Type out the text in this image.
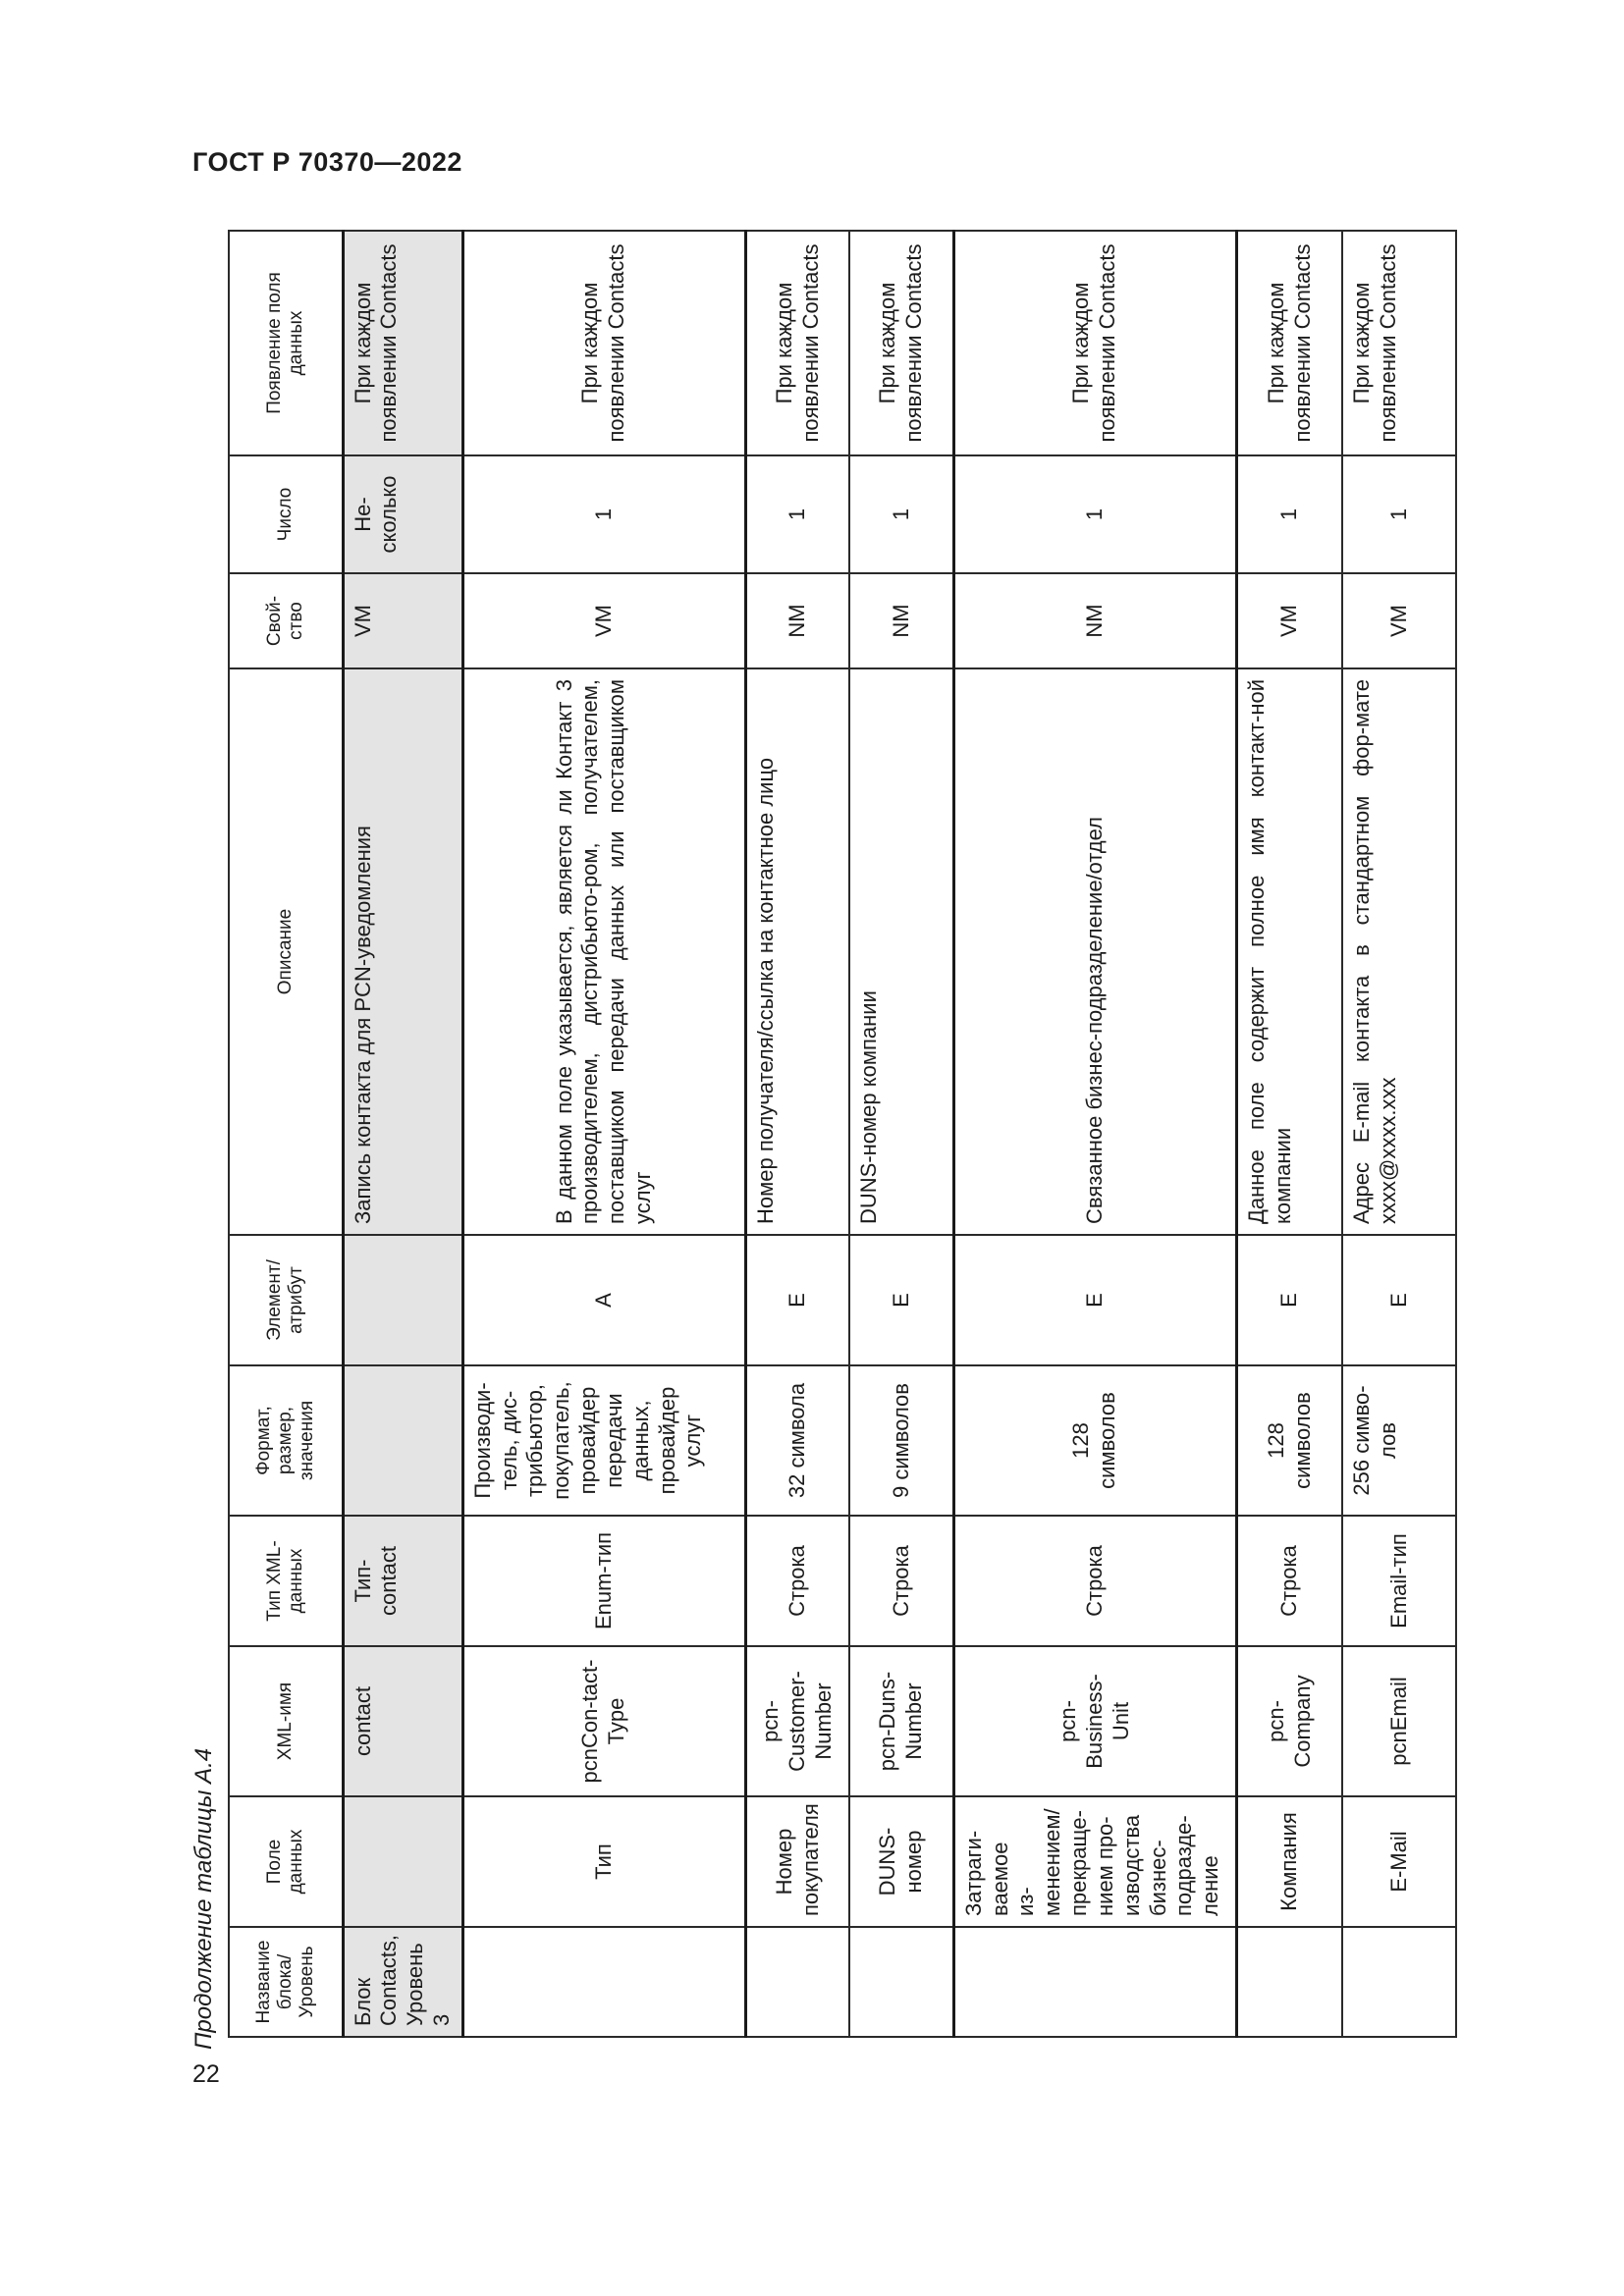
ГОСТ Р 70370—2022
22
Продолжение таблицы А.4 Название блока/ Уровень	Поле данных	XML-имя	Тип XML-данных	Формат, размер, значения	Элемент/ атрибут	Описание	Свой-ство	Число	Появление поля данных
Блок Contacts, Уровень 3		contact	Тип-contact			Запись контакта для PCN-уведомления	VM	Не-сколько	При каждом появлении Contacts
	Тип	pcnCon-tact-Type	Enum-тип	Производи-тель, дис-трибьютор, покупатель, провайдер передачи данных, провайдер услуг	A	В данном поле указывается, является ли Контакт 3 производителем, дистрибьюто-ром, получателем, поставщиком передачи данных или поставщиком услуг	VM	1	При каждом появлении Contacts
	Номер покупателя	pcn-Customer-Number	Строка	32 символа	E	Номер получателя/ссылка на контактное лицо	NM	1	При каждом появлении Contacts
	DUNS-номер	pcn-Duns-Number	Строка	9 символов	E	DUNS-номер компании	NM	1	При каждом появлении Contacts
	Затраги-ваемое из-менением/ прекраще-нием про-изводства бизнес-подразде-ление	pcn-Business-Unit	Строка	128 символов	E	Связанное бизнес-подразделение/отдел	NM	1	При каждом появлении Contacts
	Компания	pcn-Company	Строка	128 символов	E	Данное поле содержит полное имя контакт-ной компании	VM	1	При каждом появлении Contacts
	E-Mail	pcnEmail	Email-тип	256 симво-лов	E	Адрес E-mail контакта в стандартном фор-мате xxxx@xxxx.xxx	VM	1	При каждом появлении Contacts
